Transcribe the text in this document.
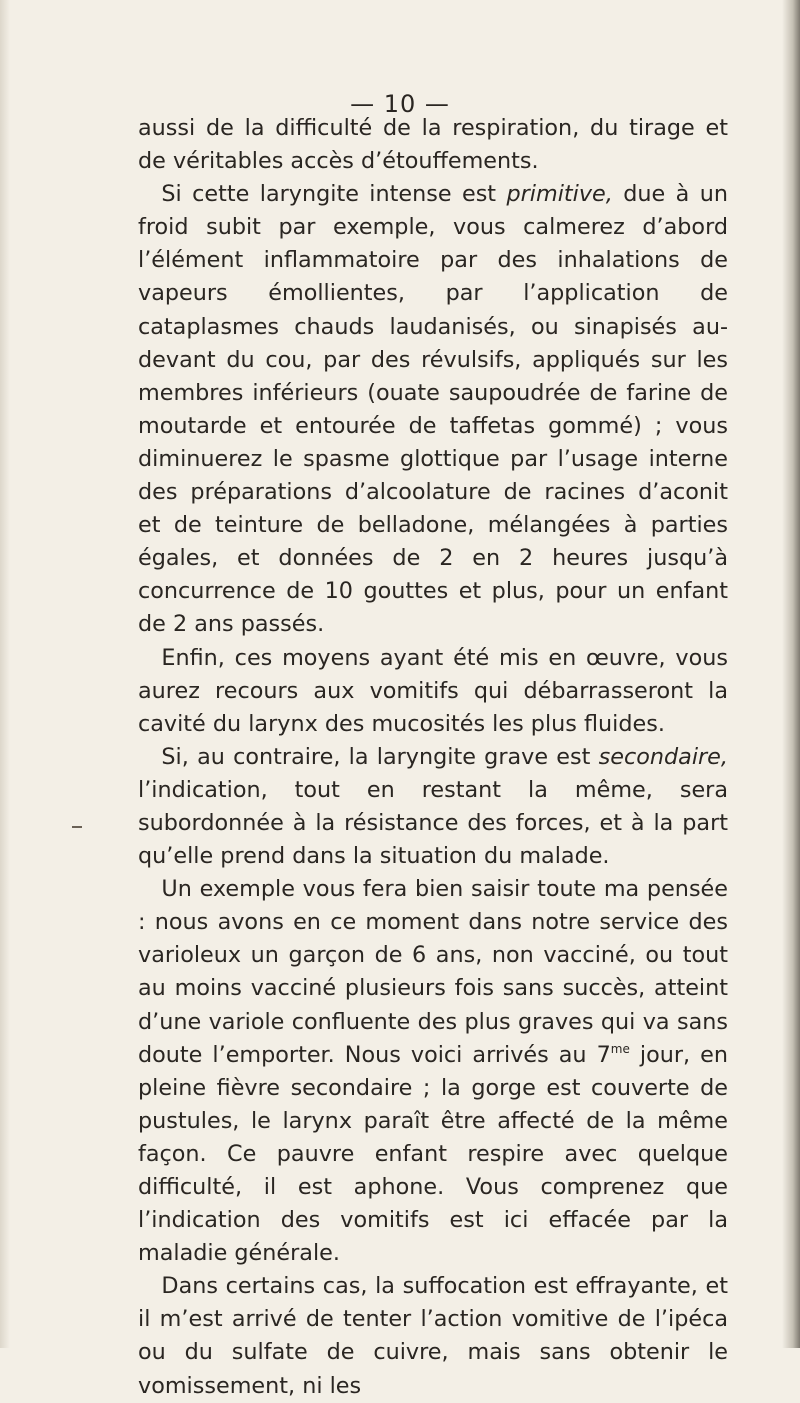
— 10 —

aussi de la difficulté de la respiration, du tirage et de véritables accès d’étouffements.

Si cette laryngite intense est primitive, due à un froid subit par exemple, vous calmerez d’abord l’élément inflammatoire par des inhalations de vapeurs émollientes, par l’application de cataplasmes chauds laudanisés, ou sinapisés au-devant du cou, par des révulsifs, appliqués sur les membres inférieurs (ouate saupoudrée de farine de moutarde et entourée de taffetas gommé) ; vous diminuerez le spasme glottique par l’usage interne des préparations d’alcoolature de racines d’aconit et de teinture de belladone, mélangées à parties égales, et données de 2 en 2 heures jusqu’à concurrence de 10 gouttes et plus, pour un enfant de 2 ans passés.

Enfin, ces moyens ayant été mis en œuvre, vous aurez recours aux vomitifs qui débarrasseront la cavité du larynx des mucosités les plus fluides.

Si, au contraire, la laryngite grave est secondaire, l’indication, tout en restant la même, sera subordonnée à la résistance des forces, et à la part qu’elle prend dans la situation du malade.

Un exemple vous fera bien saisir toute ma pensée : nous avons en ce moment dans notre service des varioleux un garçon de 6 ans, non vacciné, ou tout au moins vacciné plusieurs fois sans succès, atteint d’une variole confluente des plus graves qui va sans doute l’emporter. Nous voici arrivés au $7^{me}$ jour, en pleine fièvre secondaire ; la gorge est couverte de pustules, le larynx paraît être affecté de la même façon. Ce pauvre enfant respire avec quelque difficulté, il est aphone. Vous comprenez que l’indication des vomitifs est ici effacée par la maladie générale.

Dans certains cas, la suffocation est effrayante, et il m’est arrivé de tenter l’action vomitive de l’ipéca ou du sulfate de cuivre, mais sans obtenir le vomissement, ni les
